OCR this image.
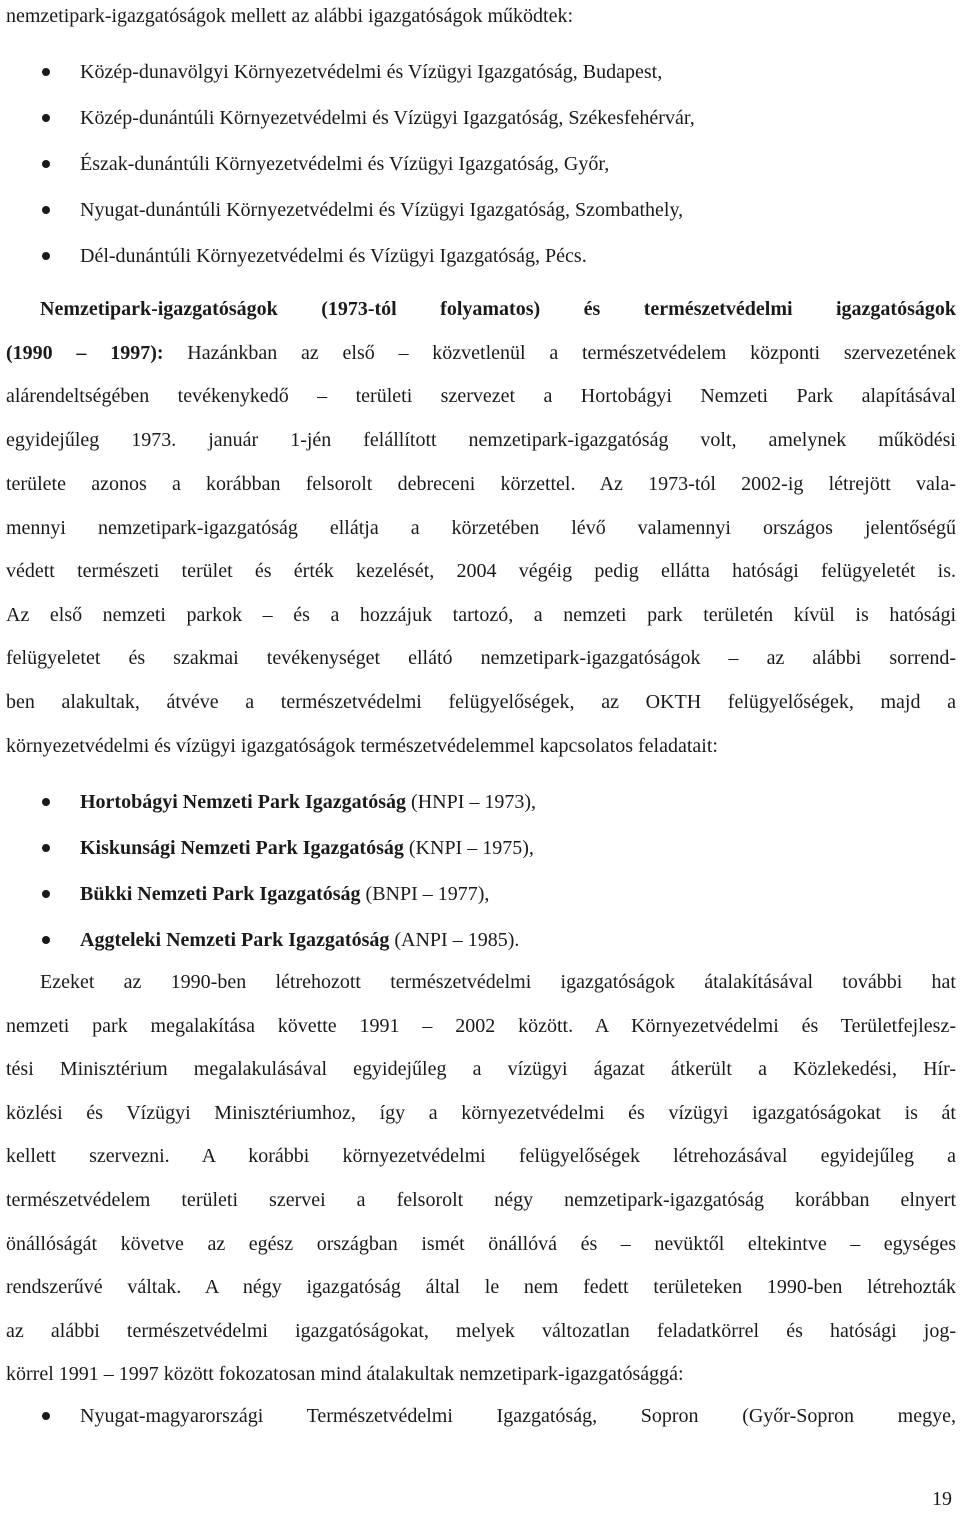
nemzetipark-igazgatóságok mellett az alábbi igazgatóságok működtek:
Közép-dunavölgyi Környezetvédelmi és Vízügyi Igazgatóság, Budapest,
Közép-dunántúli Környezetvédelmi és Vízügyi Igazgatóság, Székesfehérvár,
Észak-dunántúli Környezetvédelmi és Vízügyi Igazgatóság, Győr,
Nyugat-dunántúli Környezetvédelmi és Vízügyi Igazgatóság, Szombathely,
Dél-dunántúli Környezetvédelmi és Vízügyi Igazgatóság, Pécs.
Nemzetipark-igazgatóságok (1973-tól folyamatos) és természetvédelmi igazgatóságok
(1990 – 1997): Hazánkban az első – közvetlenül a természetvédelem központi szervezetének
alárendeltségében tevékenykedő – területi szervezet a Hortobágyi Nemzeti Park alapításával
egyidejűleg 1973. január 1-jén felállított nemzetipark-igazgatóság volt, amelynek működési
területe azonos a korábban felsorolt debreceni körzettel. Az 1973-tól 2002-ig létrejött vala-
mennyi nemzetipark-igazgatóság ellátja a körzetében lévő valamennyi országos jelentőségű
védett természeti terület és érték kezelését, 2004 végéig pedig ellátta hatósági felügyeletét is.
Az első nemzeti parkok – és a hozzájuk tartozó, a nemzeti park területén kívül is hatósági
felügyeletet és szakmai tevékenységet ellátó nemzetipark-igazgatóságok – az alábbi sorrend-
ben alakultak, átvéve a természetvédelmi felügyelőségek, az OKTH felügyelőségek, majd a
környezetvédelmi és vízügyi igazgatóságok természetvédelemmel kapcsolatos feladatait:
Hortobágyi Nemzeti Park Igazgatóság (HNPI – 1973),
Kiskunsági Nemzeti Park Igazgatóság (KNPI – 1975),
Bükki Nemzeti Park Igazgatóság (BNPI – 1977),
Aggteleki Nemzeti Park Igazgatóság (ANPI – 1985).
Ezeket az 1990-ben létrehozott természetvédelmi igazgatóságok átalakításával további hat
nemzeti park megalakítása követte 1991 – 2002 között. A Környezetvédelmi és Területfejlesz-
tési Minisztérium megalakulásával egyidejűleg a vízügyi ágazat átkerült a Közlekedési, Hír-
közlési és Vízügyi Minisztériumhoz, így a környezetvédelmi és vízügyi igazgatóságokat is át
kellett szervezni. A korábbi környezetvédelmi felügyelőségek létrehozásával egyidejűleg a
természetvédelem területi szervei a felsorolt négy nemzetipark-igazgatóság korábban elnyert
önállóságát követve az egész országban ismét önállóvá és – nevüktől eltekintve – egységes
rendszerűvé váltak. A négy igazgatóság által le nem fedett területeken 1990-ben létrehozták
az alábbi természetvédelmi igazgatóságokat, melyek változatlan feladatkörrel és hatósági jog-
körrel 1991 – 1997 között fokozatosan mind átalakultak nemzetipark-igazgatósággá:
Nyugat-magyarországi Természetvédelmi Igazgatóság, Sopron (Győr-Sopron megye,
19
